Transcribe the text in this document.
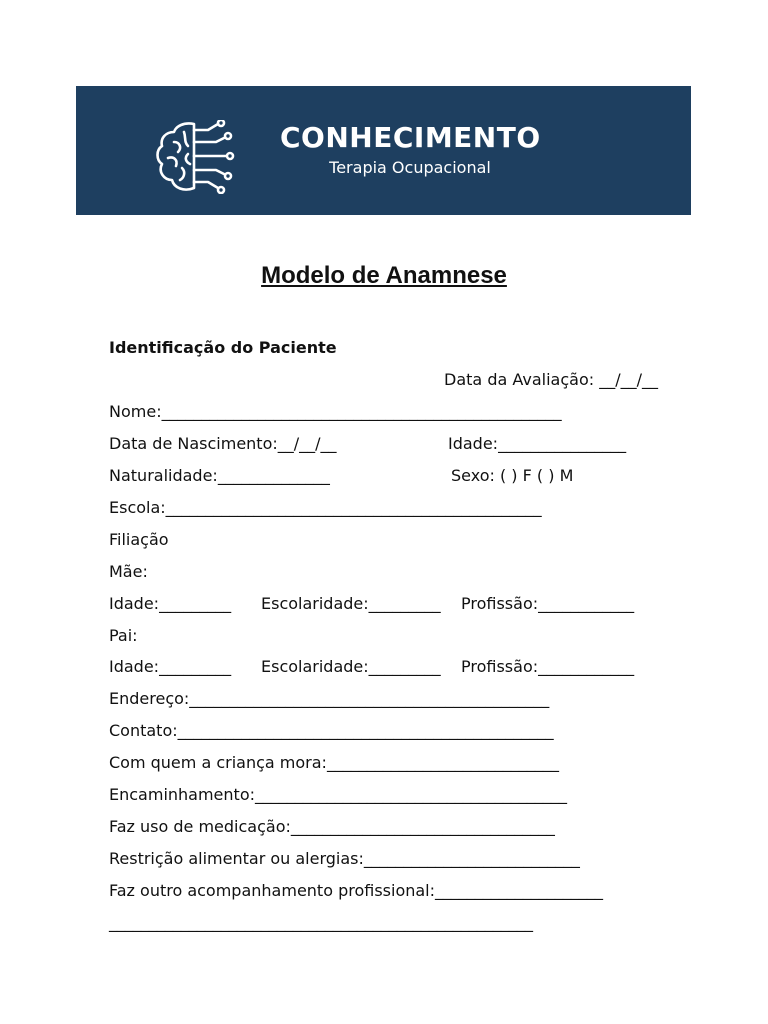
CONHECIMENTO
Terapia Ocupacional
Modelo de Anamnese
Identificação do Paciente
Data da Avaliação: __/__/__
Nome:__________________________________________________
Data de Nascimento:__/__/__	Idade:________________
Naturalidade:______________	Sexo: ( ) F ( ) M
Escola:_______________________________________________
Filiação
Mãe:
Idade:_________ Escolaridade:_________ Profissão:____________
Pai:
Idade:_________ Escolaridade:_________ Profissão:____________
Endereço:_____________________________________________
Contato:_______________________________________________
Com quem a criança mora:_____________________________
Encaminhamento:_______________________________________
Faz uso de medicação:_________________________________
Restrição alimentar ou alergias:___________________________
Faz outro acompanhamento profissional:_____________________
_____________________________________________________
